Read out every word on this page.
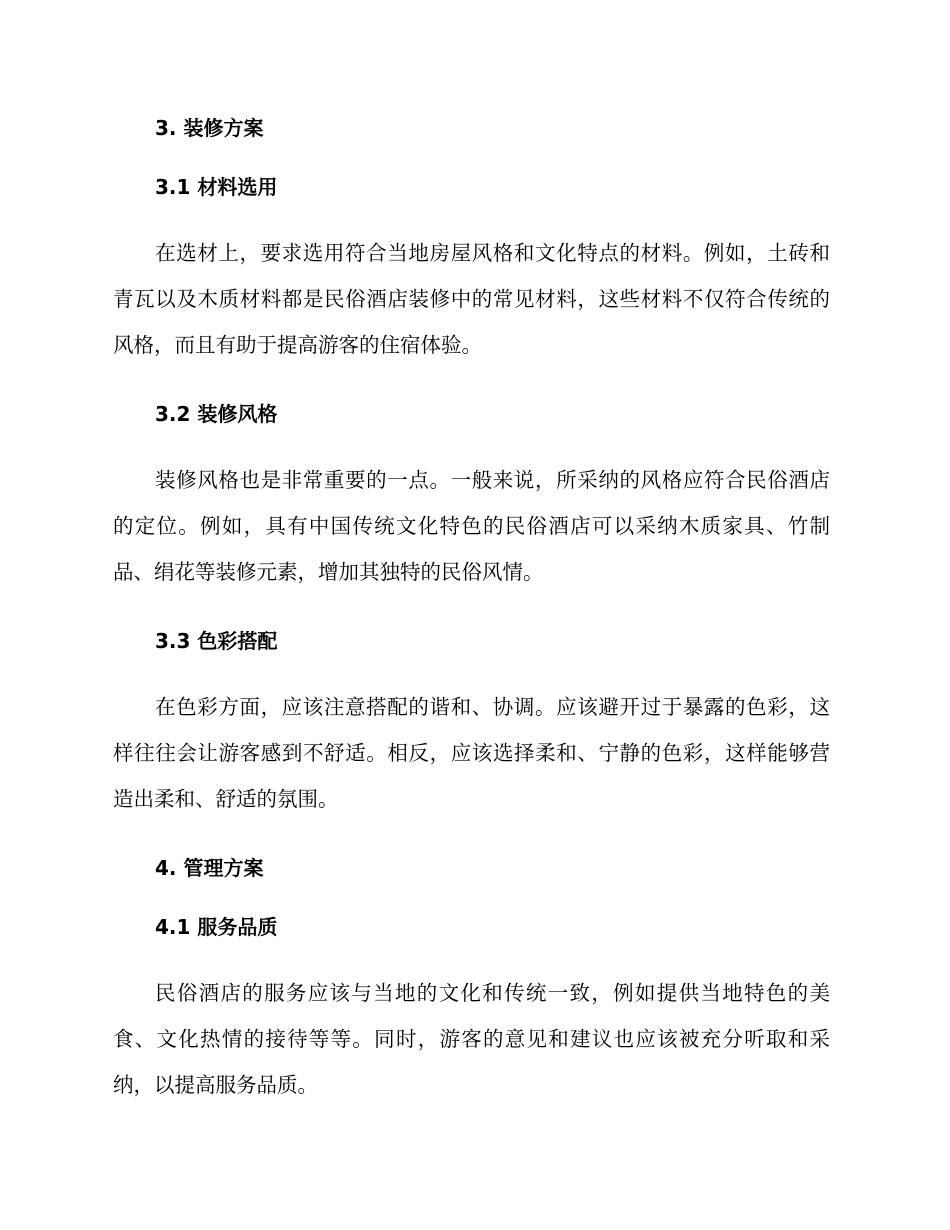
3. 装修方案
3.1 材料选用

在选材上，要求选用符合当地房屋风格和文化特点的材料。例如，土砖和青瓦以及木质材料都是民俗酒店装修中的常见材料，这些材料不仅符合传统的风格，而且有助于提高游客的住宿体验。

3.2 装修风格

装修风格也是非常重要的一点。一般来说，所采纳的风格应符合民俗酒店的定位。例如，具有中国传统文化特色的民俗酒店可以采纳木质家具、竹制品、绢花等装修元素，增加其独特的民俗风情。

3.3 色彩搭配

在色彩方面，应该注意搭配的谐和、协调。应该避开过于暴露的色彩，这样往往会让游客感到不舒适。相反，应该选择柔和、宁静的色彩，这样能够营造出柔和、舒适的氛围。

4. 管理方案
4.1 服务品质

民俗酒店的服务应该与当地的文化和传统一致，例如提供当地特色的美食、文化热情的接待等等。同时，游客的意见和建议也应该被充分听取和采纳，以提高服务品质。
